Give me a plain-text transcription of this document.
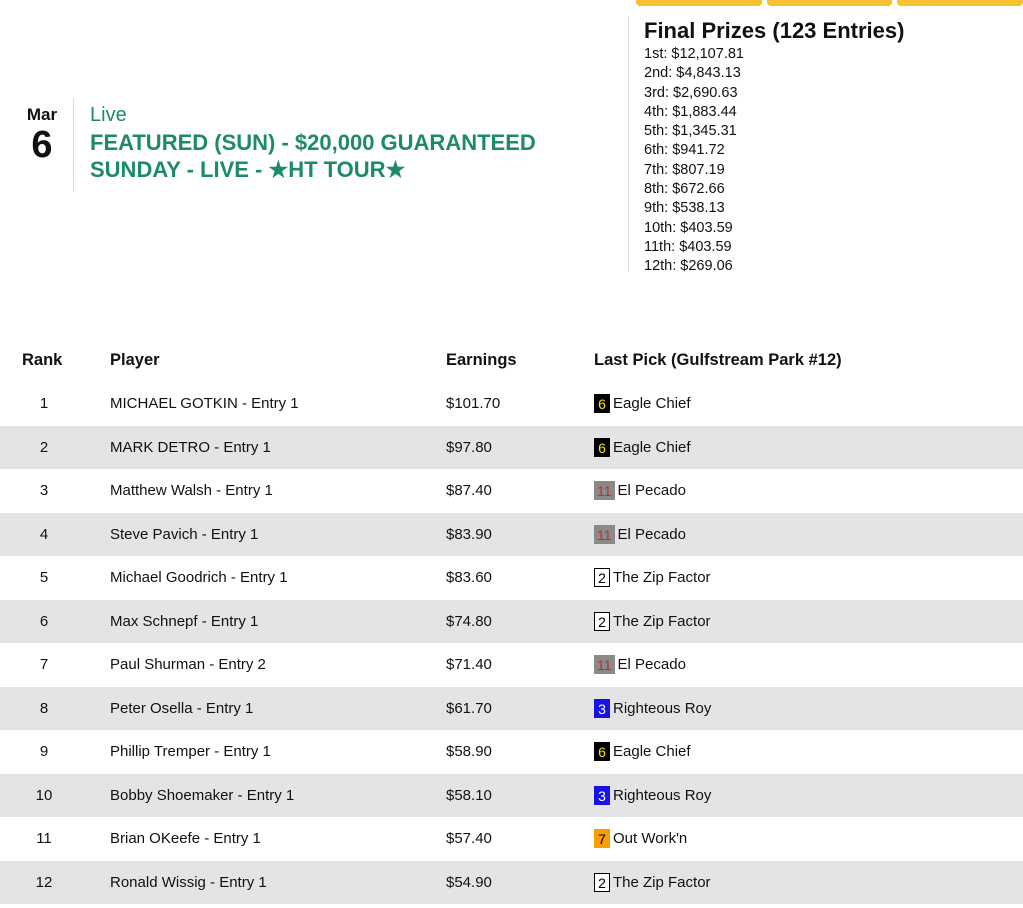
Mar
6
Live
FEATURED (SUN) - $20,000 GUARANTEED
SUNDAY - LIVE - ★HT TOUR★
Final Prizes (123 Entries)
1st: $12,107.81
2nd: $4,843.13
3rd: $2,690.63
4th: $1,883.44
5th: $1,345.31
6th: $941.72
7th: $807.19
8th: $672.66
9th: $538.13
10th: $403.59
11th: $403.59
12th: $269.06
Rank	Player	Earnings	Last Pick (Gulfstream Park #12)
1	MICHAEL GOTKIN - Entry 1	$101.70	6 Eagle Chief
2	MARK DETRO - Entry 1	$97.80	6 Eagle Chief
3	Matthew Walsh - Entry 1	$87.40	11 El Pecado
4	Steve Pavich - Entry 1	$83.90	11 El Pecado
5	Michael Goodrich - Entry 1	$83.60	2 The Zip Factor
6	Max Schnepf - Entry 1	$74.80	2 The Zip Factor
7	Paul Shurman - Entry 2	$71.40	11 El Pecado
8	Peter Osella - Entry 1	$61.70	3 Righteous Roy
9	Phillip Tremper - Entry 1	$58.90	6 Eagle Chief
10	Bobby Shoemaker - Entry 1	$58.10	3 Righteous Roy
11	Brian OKeefe - Entry 1	$57.40	7 Out Work'n
12	Ronald Wissig - Entry 1	$54.90	2 The Zip Factor
